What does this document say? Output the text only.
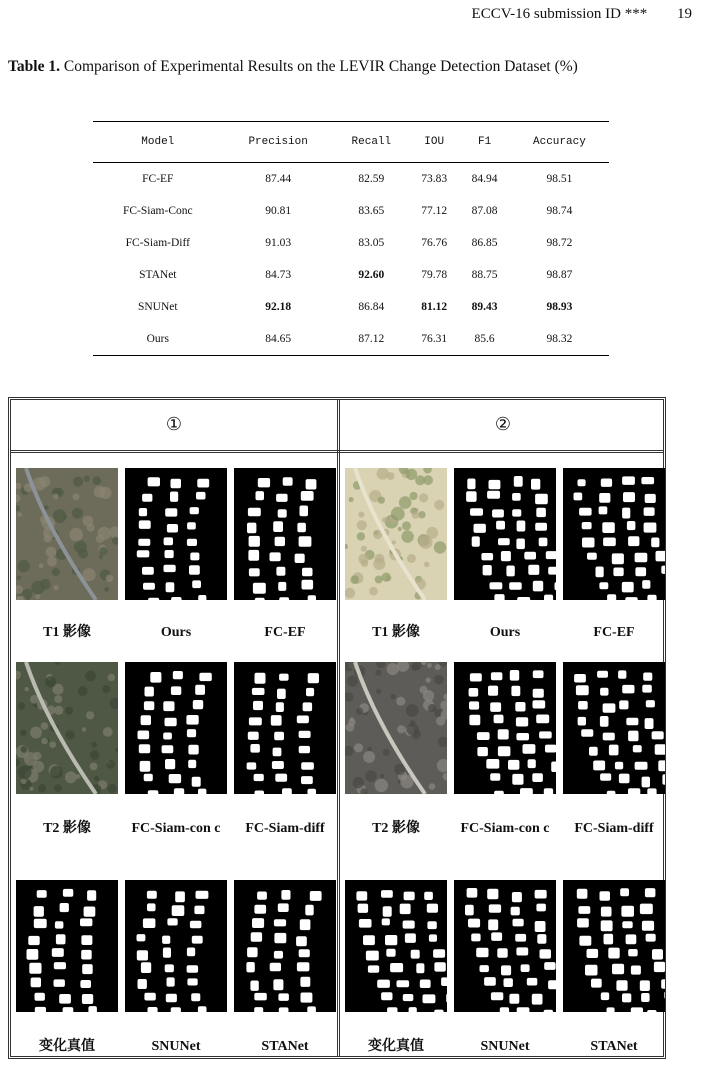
ECCV-16 submission ID *** 19
Table 1. Comparison of Experimental Results on the LEVIR Change Detection Dataset (%)
Model	Precision	Recall	IOU	F1	Accuracy
FC-EF	87.44	82.59	73.83	84.94	98.51
FC-Siam-Conc	90.81	83.65	77.12	87.08	98.74
FC-Siam-Diff	91.03	83.05	76.76	86.85	98.72
STANet	84.73	92.60	79.78	88.75	98.87
SNUNet	92.18	86.84	81.12	89.43	98.93
Ours	84.65	87.12	76.31	85.6	98.32
①	②
T1 影像	Ours	FC-EF
T2 影像	FC-Siam-con c	FC-Siam-diff
变化真值	SNUNet	STANet
T1 影像	Ours	FC-EF
T2 影像	FC-Siam-con c	FC-Siam-diff
变化真值	SNUNet	STANet
